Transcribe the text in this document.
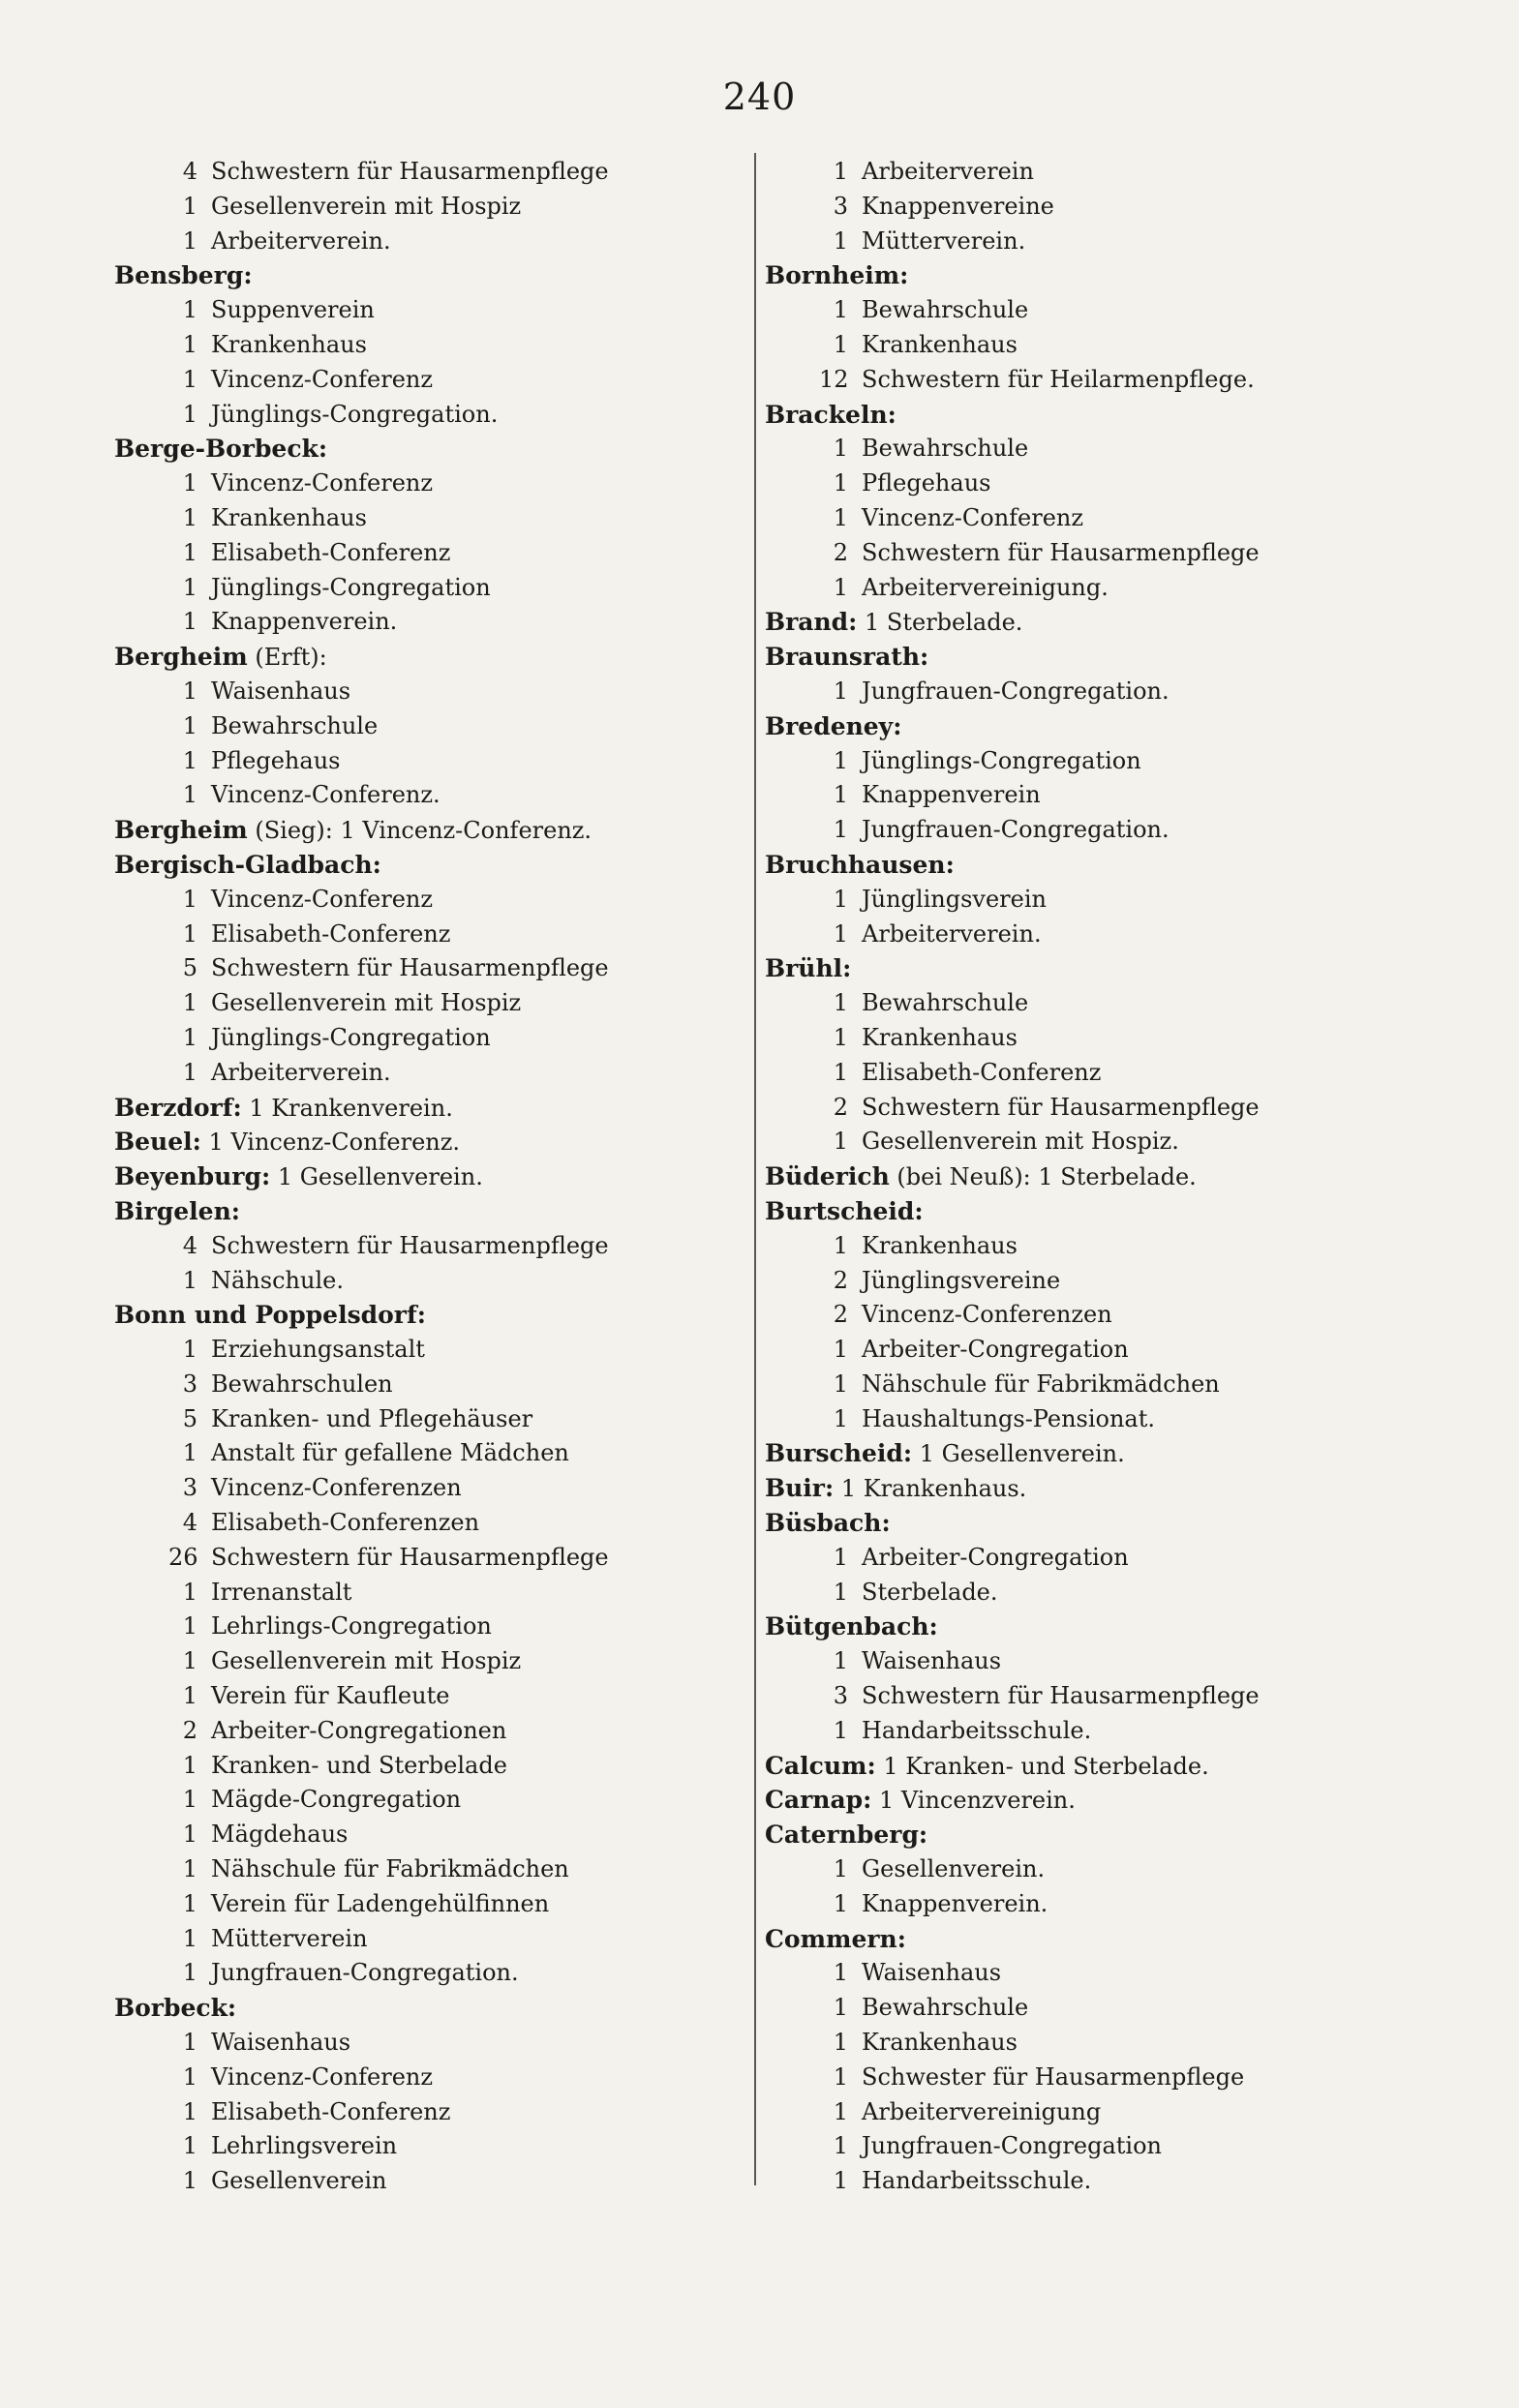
240
4 Schwestern für Hausarmenpflege
1 Gesellenverein mit Hospiz
1 Arbeiterverein.
Bensberg:
1 Suppenverein
1 Krankenhaus
1 Vincenz-Conferenz
1 Jünglings-Congregation.
Berge-Borbeck:
1 Vincenz-Conferenz
1 Krankenhaus
1 Elisabeth-Conferenz
1 Jünglings-Congregation
1 Knappenverein.
Bergheim (Erft):
1 Waisenhaus
1 Bewahrschule
1 Pflegehaus
1 Vincenz-Conferenz.
Bergheim (Sieg): 1 Vincenz-Conferenz.
Bergisch-Gladbach:
1 Vincenz-Conferenz
1 Elisabeth-Conferenz
5 Schwestern für Hausarmenpflege
1 Gesellenverein mit Hospiz
1 Jünglings-Congregation
1 Arbeiterverein.
Berzdorf: 1 Krankenverein.
Beuel: 1 Vincenz-Conferenz.
Beyenburg: 1 Gesellenverein.
Birgelen:
4 Schwestern für Hausarmenpflege
1 Nähschule.
Bonn und Poppelsdorf:
1 Erziehungsanstalt
3 Bewahrschulen
5 Kranken- und Pflegehäuser
1 Anstalt für gefallene Mädchen
3 Vincenz-Conferenzen
4 Elisabeth-Conferenzen
26 Schwestern für Hausarmenpflege
1 Irrenanstalt
1 Lehrlings-Congregation
1 Gesellenverein mit Hospiz
1 Verein für Kaufleute
2 Arbeiter-Congregationen
1 Kranken- und Sterbelade
1 Mägde-Congregation
1 Mägdehaus
1 Nähschule für Fabrikmädchen
1 Verein für Ladengehülfinnen
1 Mütterverein
1 Jungfrauen-Congregation.
Borbeck:
1 Waisenhaus
1 Vincenz-Conferenz
1 Elisabeth-Conferenz
1 Lehrlingsverein
1 Gesellenverein
1 Arbeiterverein
3 Knappenvereine
1 Mütterverein.
Bornheim:
1 Bewahrschule
1 Krankenhaus
12 Schwestern für Heilarmenpflege.
Brackeln:
1 Bewahrschule
1 Pflegehaus
1 Vincenz-Conferenz
2 Schwestern für Hausarmenpflege
1 Arbeitervereinigung.
Brand: 1 Sterbelade.
Braunsrath:
1 Jungfrauen-Congregation.
Bredeney:
1 Jünglings-Congregation
1 Knappenverein
1 Jungfrauen-Congregation.
Bruchhausen:
1 Jünglingsverein
1 Arbeiterverein.
Brühl:
1 Bewahrschule
1 Krankenhaus
1 Elisabeth-Conferenz
2 Schwestern für Hausarmenpflege
1 Gesellenverein mit Hospiz.
Büderich (bei Neuß): 1 Sterbelade.
Burtscheid:
1 Krankenhaus
2 Jünglingsvereine
2 Vincenz-Conferenzen
1 Arbeiter-Congregation
1 Nähschule für Fabrikmädchen
1 Haushaltungs-Pensionat.
Burscheid: 1 Gesellenverein.
Buir: 1 Krankenhaus.
Büsbach:
1 Arbeiter-Congregation
1 Sterbelade.
Bütgenbach:
1 Waisenhaus
3 Schwestern für Hausarmenpflege
1 Handarbeitsschule.
Calcum: 1 Kranken- und Sterbelade.
Carnap: 1 Vincenzverein.
Caternberg:
1 Gesellenverein.
1 Knappenverein.
Commern:
1 Waisenhaus
1 Bewahrschule
1 Krankenhaus
1 Schwester für Hausarmenpflege
1 Arbeitervereinigung
1 Jungfrauen-Congregation
1 Handarbeitsschule.
